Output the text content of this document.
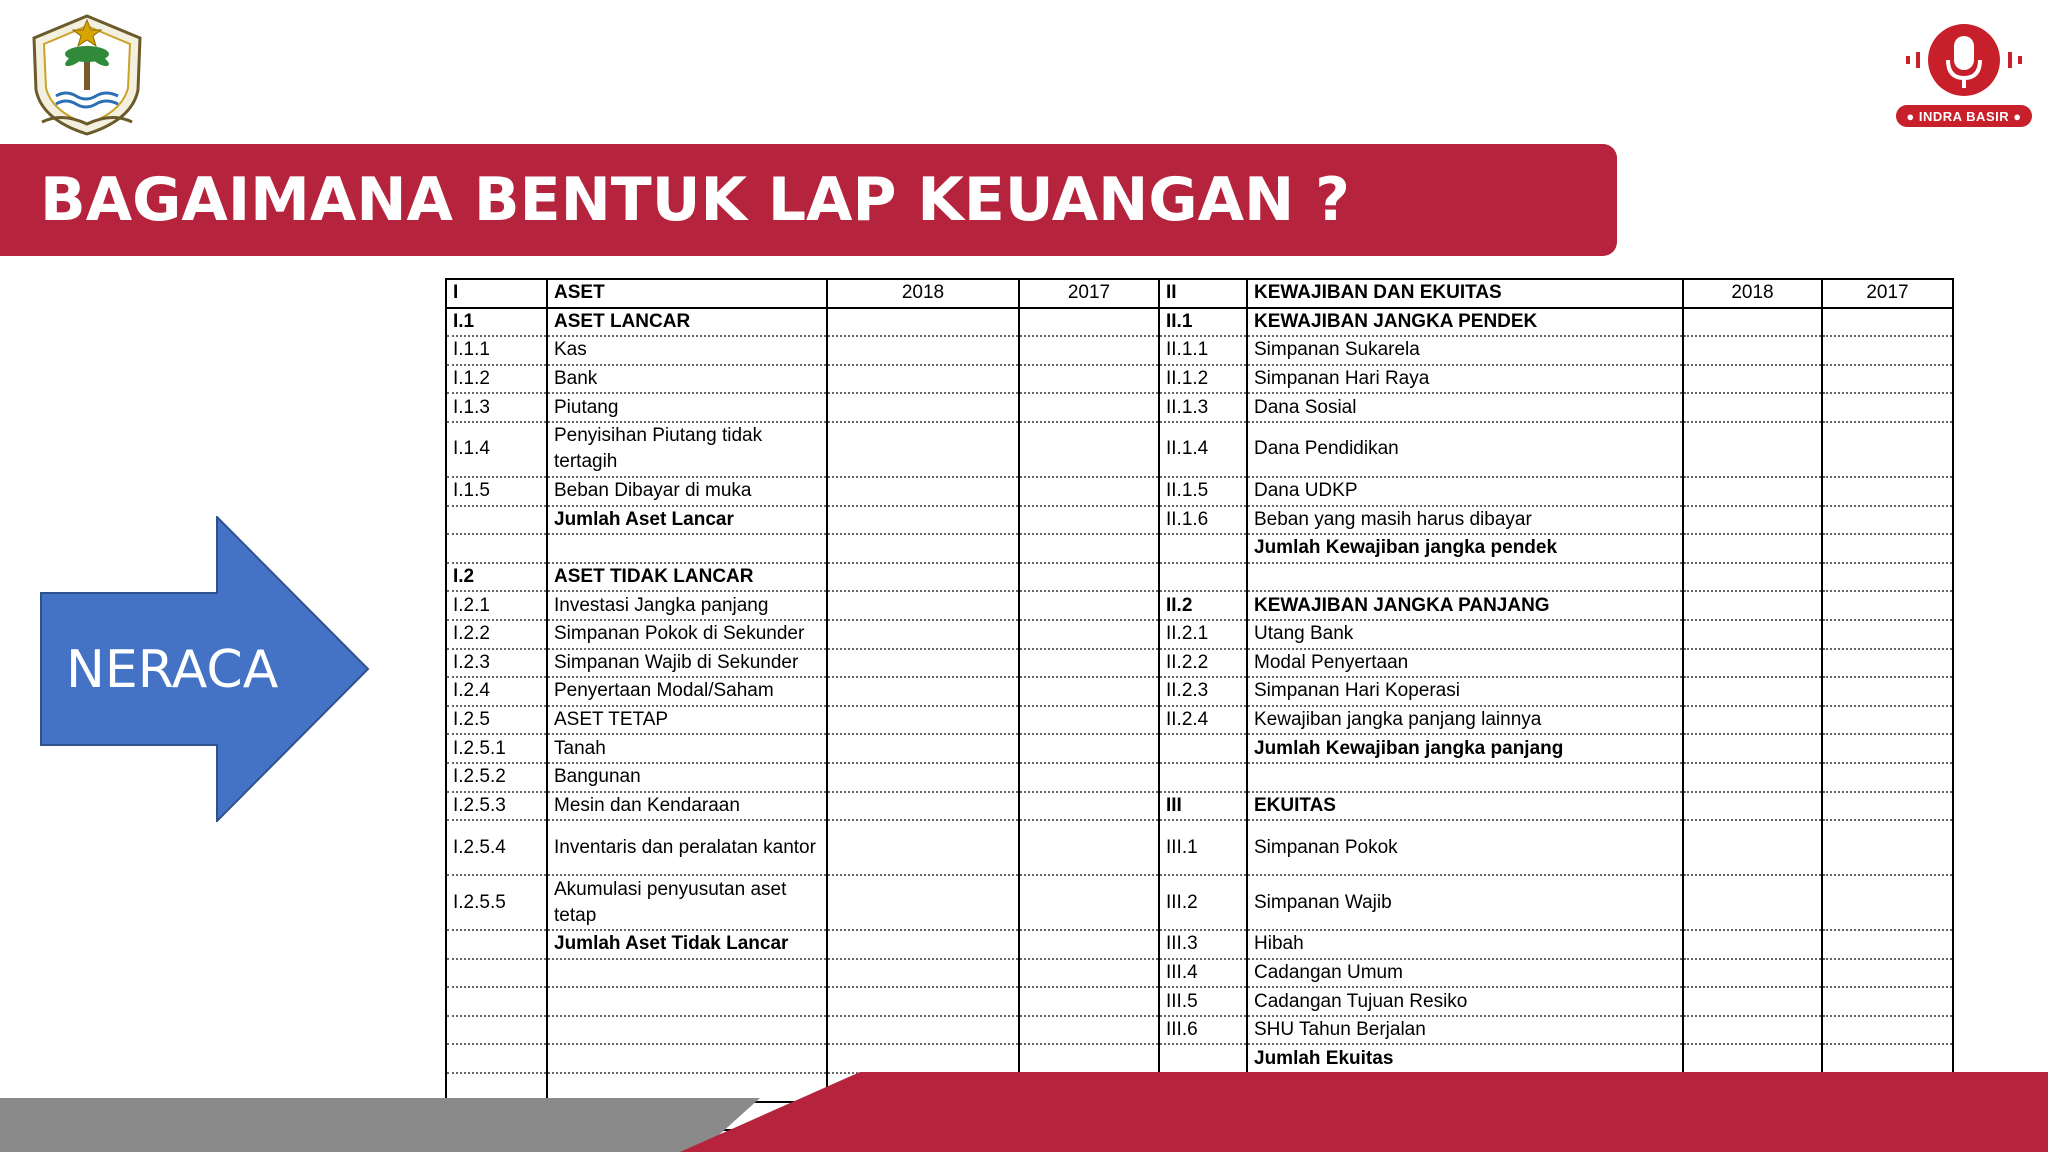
● INDRA BASIR ●
BAGAIMANA BENTUK LAP KEUANGAN ?
NERACA
I	ASET	2018	2017	II	KEWAJIBAN DAN EKUITAS	2018	2017
I.1	ASET LANCAR			II.1	KEWAJIBAN JANGKA PENDEK		
I.1.1	Kas			II.1.1	Simpanan Sukarela		
I.1.2	Bank			II.1.2	Simpanan Hari Raya		
I.1.3	Piutang			II.1.3	Dana Sosial		
I.1.4	Penyisihan Piutang tidak tertagih			II.1.4	Dana Pendidikan		
I.1.5	Beban Dibayar di muka			II.1.5	Dana UDKP		
	Jumlah Aset Lancar			II.1.6	Beban yang masih harus dibayar		
					Jumlah Kewajiban jangka pendek		
I.2	ASET TIDAK LANCAR						
I.2.1	Investasi Jangka panjang			II.2	KEWAJIBAN JANGKA PANJANG		
I.2.2	Simpanan Pokok di Sekunder			II.2.1	Utang Bank		
I.2.3	Simpanan Wajib di Sekunder			II.2.2	Modal Penyertaan		
I.2.4	Penyertaan Modal/Saham			II.2.3	Simpanan Hari Koperasi		
I.2.5	ASET TETAP			II.2.4	Kewajiban jangka panjang lainnya		
I.2.5.1	Tanah				Jumlah Kewajiban jangka panjang		
I.2.5.2	Bangunan						
I.2.5.3	Mesin dan Kendaraan			III	EKUITAS		
I.2.5.4	Inventaris dan peralatan kantor			III.1	Simpanan Pokok		
I.2.5.5	Akumulasi penyusutan aset tetap			III.2	Simpanan Wajib		
	Jumlah Aset Tidak Lancar			III.3	Hibah		
				III.4	Cadangan Umum		
				III.5	Cadangan Tujuan Resiko		
				III.6	SHU Tahun Berjalan		
					Jumlah Ekuitas		
